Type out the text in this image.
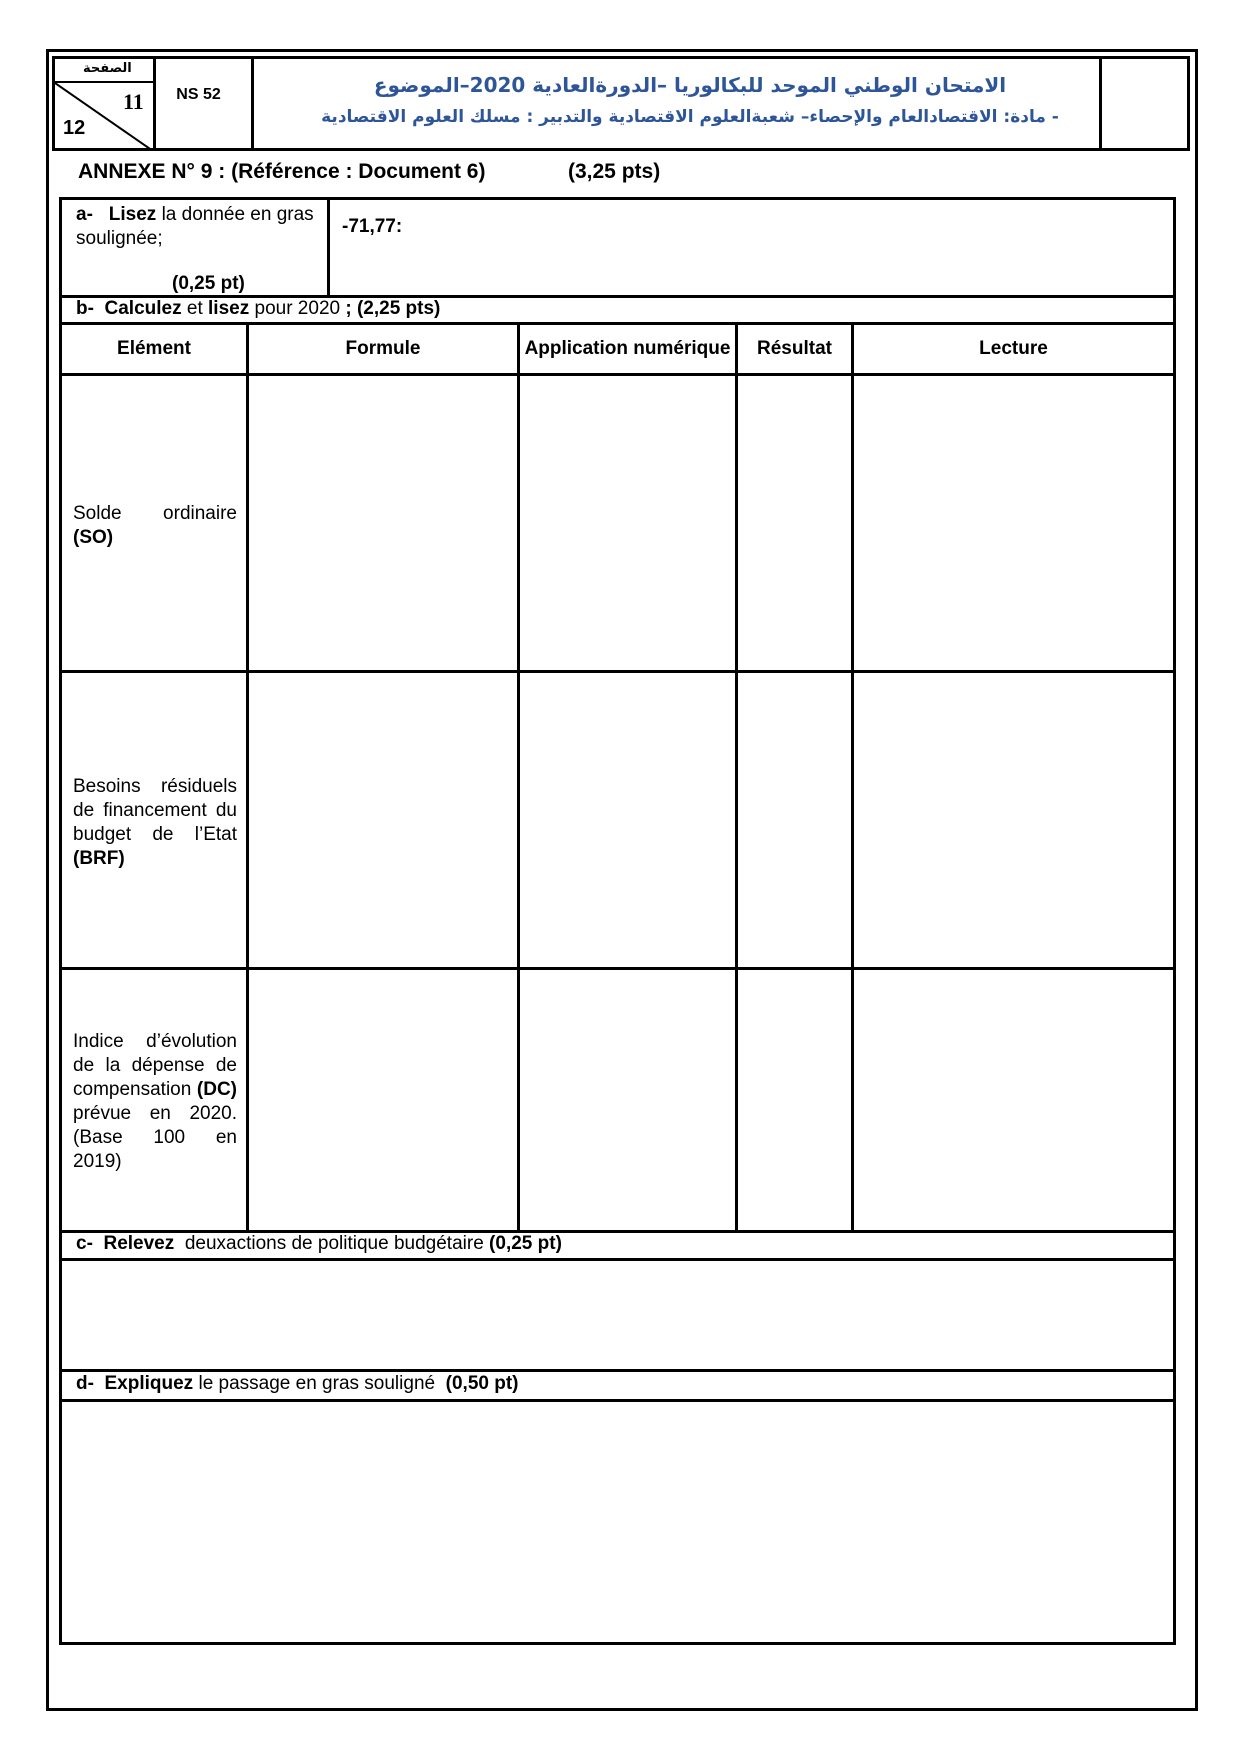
الصفحة
11
12
NS 52	الامتحان الوطني الموحد للبكالوريا –الدورةالعادية 2020–الموضوع
- مادة: الاقتصادالعام والإحصاء– شعبةالعلوم الاقتصادية والتدبير : مسلك العلوم الاقتصادية
ANNEXE N° 9 : (Référence : Document 6)	(3,25 pts)
a- Lisez la donnée en gras soulignée;
(0,25 pt)
-71,77:
b- Calculez et lisez pour 2020 ; (2,25 pts)
Elément	Formule	Application numérique	Résultat	Lecture
Solde ordinaire (SO)
Besoins résiduels de financement du budget de l’Etat (BRF)
Indice d’évolution de la dépense de compensation (DC) prévue en 2020. (Base 100 en 2019)
c- Relevez deuxactions de politique budgétaire (0,25 pt)
d- Expliquez le passage en gras souligné (0,50 pt)
